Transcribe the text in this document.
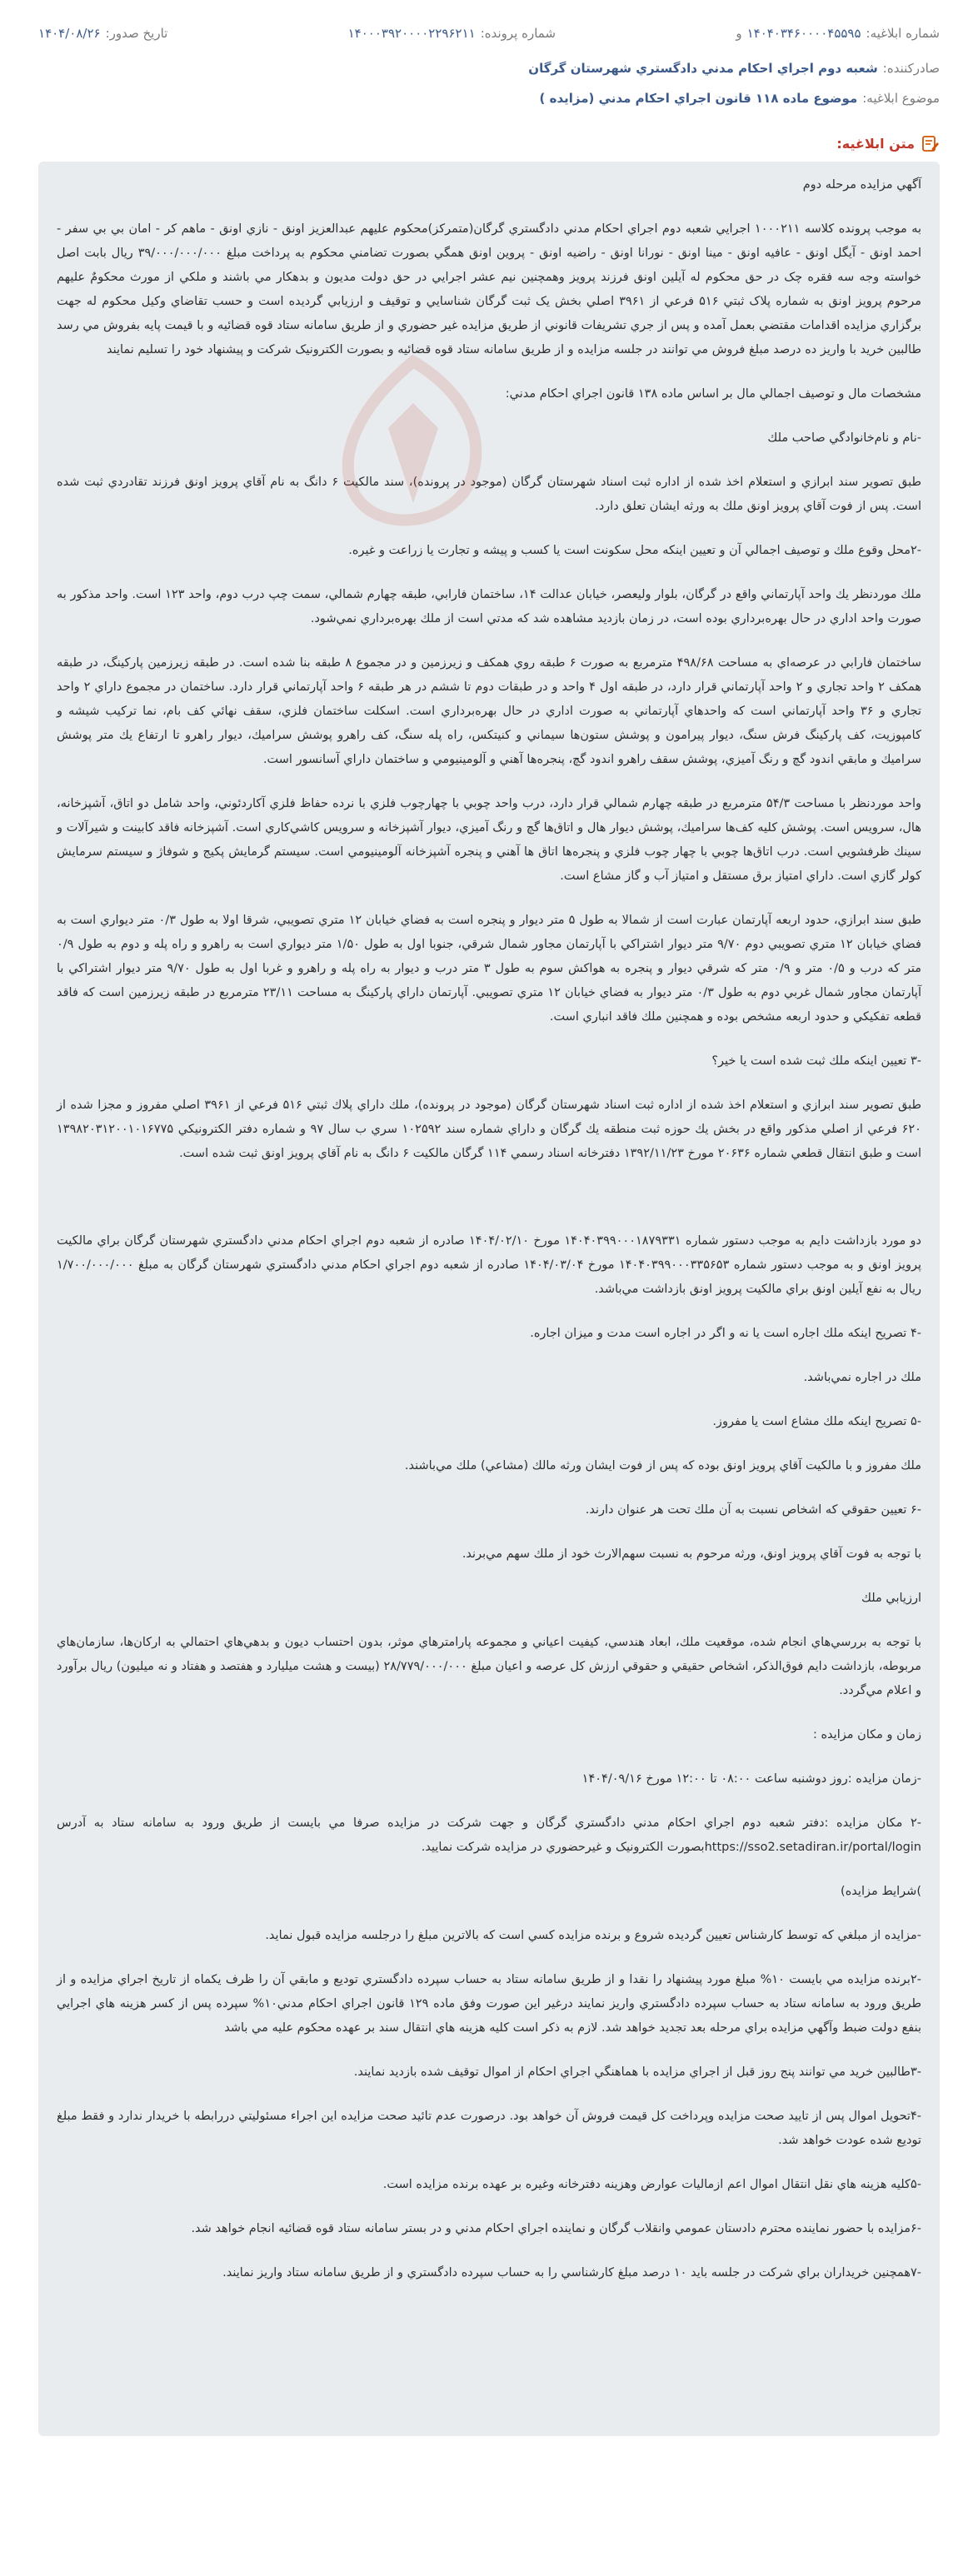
شماره ابلاغیه:
۱۴۰۴۰۳۴۶۰۰۰۰۴۵۵۹۵
و
شماره پرونده:
۱۴۰۰۰۳۹۲۰۰۰۰۲۲۹۶۲۱۱
تاریخ صدور:
۱۴۰۴/۰۸/۲۶
صادرکننده:
شعبه دوم اجراي احكام مدني دادگستري شهرستان گرگان
موضوع ابلاغیه:
موضوع ماده ۱۱۸ قانون اجراي احكام مدني (مزايده )
متن ابلاغیه:

آگهي مزايده مرحله دوم

به موجب پرونده کلاسه ۱۰۰۰۲۱۱ اجرايي شعبه دوم اجراي احکام مدني دادگستري گرگان(متمرکز)محکوم عليهم عبدالعزيز اونق - نازي اونق - ماهم کر - امان بي بي سفر - احمد اونق - آيگل اونق - عافيه اونق - مينا اونق - نورانا اونق - راضيه اونق - پروين اونق همگي بصورت تضامني محكوم به پرداخت مبلغ ۳۹/۰۰۰/۰۰۰/۰۰۰ ريال بابت اصل خواسته وجه سه فقره چک در حق محکوم له آيلين اونق فرزند پرويز وهمچنين نيم عشر اجرايي در حق دولت مديون و بدهکار مي باشند و ملکي از مورث محکومٌ عليهم مرحوم پرويز اونق به شماره پلاک ثبتي ۵۱۶ فرعي از ۳۹۶۱ اصلي بخش يک ثبت گرگان شناسايي و توقيف و ارزيابي گرديده است و حسب تقاضاي وکيل محكوم له جهت برگزاري مزايده اقدامات مقتضي بعمل آمده و پس از جري تشريفات قانوني از طريق مزايده غير حضوري و از طريق سامانه ستاد قوه قضائيه و با قيمت پايه بفروش مي رسد طالبين خريد با واريز ده درصد مبلغ فروش مي توانند در جلسه مزايده و از طريق سامانه ستاد قوه قضائيه و بصورت الکترونيک شرکت و پيشنهاد خود را تسليم نمايند

مشخصات مال و توصيف اجمالي مال بر اساس ماده ۱۳۸ قانون اجراي احکام مدني:

-نام و نام‌خانوادگي صاحب ملك

طبق تصوير سند ابرازي و استعلام اخذ شده از اداره ثبت اسناد شهرستان گرگان (موجود در پرونده)، سند مالكيت ۶ دانگ به نام آقاي پرويز اونق فرزند تقادردي ثبت شده است. پس از فوت آقاي پرويز اونق ملك به ورثه ايشان تعلق دارد.

-۲محل وقوع ملك و توصيف اجمالي آن و تعيين اينكه محل سكونت است يا كسب و پيشه و تجارت يا زراعت و غيره.

ملك موردنظر يك واحد آپارتماني واقع در گرگان، بلوار وليعصر، خيابان عدالت ۱۴، ساختمان فارابي، طبقه چهارم شمالي، سمت چپ درب دوم، واحد ۱۲۳ است. واحد مذكور به صورت واحد اداري در حال بهره‌برداري بوده است، در زمان بازديد مشاهده شد كه مدتي است از ملك بهره‌برداري نمي‌شود.

ساختمان فارابي در عرصه‌اي به مساحت ۴۹۸/۶۸ مترمربع به صورت ۶ طبقه روي همكف و زيرزمين و در مجموع ۸ طبقه بنا شده است. در طبقه زيرزمين پاركينگ، در طبقه همكف ۲ واحد تجاري و ۲ واحد آپارتماني قرار دارد، در طبقه اول ۴ واحد و در طبقات دوم تا ششم در هر طبقه ۶ واحد آپارتماني قرار دارد. ساختمان در مجموع داراي ۲ واحد تجاري و ۳۶ واحد آپارتماني است كه واحدهاي آپارتماني به صورت اداري در حال بهره‌برداري است. اسكلت ساختمان فلزي، سقف نهائي كف بام، نما تركيب شيشه و كامپوزيت، كف پاركينگ فرش سنگ، ديوار پيرامون و پوشش ستون‌ها سيماني و كنيتكس، راه پله سنگ، كف راهرو پوشش سراميك، ديوار راهرو تا ارتفاع يك متر پوشش سراميك و مابقي اندود گچ و رنگ آميزي، پوشش سقف راهرو اندود گچ، پنجره‌ها آهني و آلومينيومي و ساختمان داراي آسانسور است.

واحد موردنظر با مساحت ۵۴/۳ مترمربع در طبقه چهارم شمالي قرار دارد، درب واحد چوبي با چهارچوب فلزي با نرده حفاظ فلزي آكاردئوني، واحد شامل دو اتاق، آشپزخانه، هال، سرويس است. پوشش كليه كف‌ها سراميك، پوشش ديوار هال و اتاق‌ها گچ و رنگ آميزي، ديوار آشپزخانه و سرويس كاشي‌كاري است. آشپزخانه فاقد كابينت و شيرآلات و سينك ظرفشويي است. درب اتاق‌ها چوبي با چهار چوب فلزي و پنجره‌ها اتاق ها آهني و پنجره آشپزخانه آلومينيومي است. سيستم گرمايش پكيج و شوفاژ و سيستم سرمايش كولر گازي است. داراي امتياز برق مستقل و امتياز آب و گاز مشاع است.

طبق سند ابرازي، حدود اربعه آپارتمان عبارت است از شمالا به طول ۵ متر ديوار و پنجره است به فضاي خيابان ۱۲ متري تصويبي، شرقا اولا به طول ۰/۳ متر ديواري است به فضاي خيابان ۱۲ متري تصويبي دوم ۹/۷۰ متر ديوار اشتراكي با آپارتمان مجاور شمال شرقي، جنوبا اول به طول ۱/۵۰ متر ديواري است به راهرو و راه پله و دوم به طول ۰/۹ متر كه درب و ۰/۵ متر و ۰/۹ متر كه شرقي ديوار و پنجره به هواكش سوم به طول ۳ متر درب و ديوار به راه پله و راهرو و غربا اول به طول ۹/۷۰ متر ديوار اشتراكي با آپارتمان مجاور شمال غربي دوم به طول ۰/۳ متر ديوار به فضاي خيابان ۱۲ متري تصويبي. آپارتمان داراي پاركينگ به مساحت ۲۳/۱۱ مترمربع در طبقه زيرزمين است كه فاقد قطعه تفكيكي و حدود اربعه مشخص بوده و همچنين ملك فاقد انباري است.

-۳ تعيين اينكه ملك ثبت شده است يا خير؟

طبق تصوير سند ابرازي و استعلام اخذ شده از اداره ثبت اسناد شهرستان گرگان (موجود در پرونده)، ملك داراي پلاك ثبتي ۵۱۶ فرعي از ۳۹۶۱ اصلي مفروز و مجزا شده از ۶۲۰ فرعي از اصلي مذكور واقع در بخش يك حوزه ثبت منطقه يك گرگان و داراي شماره سند ۱۰۲۵۹۲ سري ب سال ۹۷ و شماره دفتر الكترونيكي ۱۳۹۸۲۰۳۱۲۰۰۱۰۱۶۷۷۵ است و طبق انتقال قطعي شماره ۲۰۶۳۶ مورخ ۱۳۹۲/۱۱/۲۳ دفترخانه اسناد رسمي ۱۱۴ گرگان مالكيت ۶ دانگ به نام آقاي پرويز اونق ثبت شده است.

دو مورد بازداشت دايم به موجب دستور شماره ۱۴۰۴۰۳۹۹۰۰۰۱۸۷۹۳۳۱ مورخ ۱۴۰۴/۰۲/۱۰ صادره از شعبه دوم اجراي احكام مدني دادگستري شهرستان گرگان براي مالكيت پرويز اونق و به موجب دستور شماره ۱۴۰۴۰۳۹۹۰۰۰۳۳۵۶۵۳ مورخ ۱۴۰۴/۰۳/۰۴ صادره از شعبه دوم اجراي احكام مدني دادگستري شهرستان گرگان به مبلغ ۱/۷۰۰/۰۰۰/۰۰۰ ريال به نفع آيلين اونق براي مالكيت پرويز اونق بازداشت مي‌باشد.

-۴ تصريح اينكه ملك اجاره است يا نه و اگر در اجاره است مدت و ميزان اجاره.

ملك در اجاره نمي‌باشد.

-۵ تصريح اينكه ملك مشاع است يا مفروز.

ملك مفروز و با مالكيت آقاي پرويز اونق بوده كه پس از فوت ايشان ورثه مالك (مشاعي) ملك مي‌باشند.

-۶ تعيين حقوقي كه اشخاص نسبت به آن ملك تحت هر عنوان دارند.

با توجه به فوت آقاي پرويز اونق، ورثه مرحوم به نسبت سهم‌الارث خود از ملك سهم مي‌برند.

ارزيابي ملك

با توجه به بررسي‌هاي انجام شده، موقعيت ملك، ابعاد هندسي، كيفيت اعياني و مجموعه پارامترهاي موثر، بدون احتساب ديون و بدهي‌هاي احتمالي به اركان‌ها، سازمان‌هاي مربوطه، بازداشت دايم فوق‌الذكر، اشخاص حقيقي و حقوقي ارزش كل عرصه و اعيان مبلغ ۲۸/۷۷۹/۰۰۰/۰۰۰ (بيست و هشت ميليارد و هفتصد و هفتاد و نه ميليون) ريال برآورد و اعلام مي‌گردد.

زمان و مکان مزايده :

-زمان مزايده :روز دوشنبه ساعت ۰۸:۰۰ تا ۱۲:۰۰ مورخ ۱۴۰۴/۰۹/۱۶

-۲ مکان مزايده :دفتر شعبه دوم اجراي احکام مدني دادگستري گرگان و جهت شرکت در مزايده صرفا مي بايست از طريق ورود به سامانه ستاد به آدرس https://sso2.setadiran.ir/portal/loginبصورت الکترونيک و غيرحضوري در مزايده شرکت نماييد.

)شرايط مزايده)

-مزايده از مبلغي که توسط کارشناس تعيين گرديده شروع و برنده مزايده کسي است که بالاترين مبلغ را درجلسه مزايده قبول نمايد.

-۲برنده مزايده مي بايست ۱۰% مبلغ مورد پيشنهاد را نقدا و از طريق سامانه ستاد به حساب سپرده دادگستري توديع و مابقي آن را ظرف يكماه از تاريخ اجراي مزايده و از طريق ورود به سامانه ستاد به حساب سپرده دادگستري واريز نمايند درغير اين صورت وفق ماده ۱۲۹ قانون اجراي احكام مدني۱۰% سپرده پس از كسر هزينه هاي اجرايي بنفع دولت ضبط وآگهي مزايده براي مرحله بعد تجديد خواهد شد. لازم به ذكر است كليه هزينه هاي انتقال سند بر عهده محكوم عليه مي باشد

-۳طالبين خريد مي توانند پنج روز قبل از اجراي مزايده با هماهنگي اجراي احكام از اموال توقيف شده بازديد نمايند.

-۴تحويل اموال پس از تاييد صحت مزايده وپرداخت كل قيمت فروش آن خواهد بود. درصورت عدم تائيد صحت مزايده اين اجراء مسئوليتي دررابطه با خريدار ندارد و فقط مبلغ توديع شده عودت خواهد شد.

-۵كليه هزينه هاي نقل انتقال اموال اعم ازمالیات عوارض وهزینه دفترخانه وغیره بر عهده برنده مزايده است.

-۶مزايده با حضور نماينده محترم دادستان عمومي وانقلاب گرگان و نماينده اجراي احکام مدني و در بستر سامانه ستاد قوه قضائيه انجام خواهد شد.

-۷همچنين خريداران براي شرکت در جلسه بايد ۱۰ درصد مبلغ کارشناسي را به حساب سپرده دادگستري و از طريق سامانه ستاد واريز نمايند.
